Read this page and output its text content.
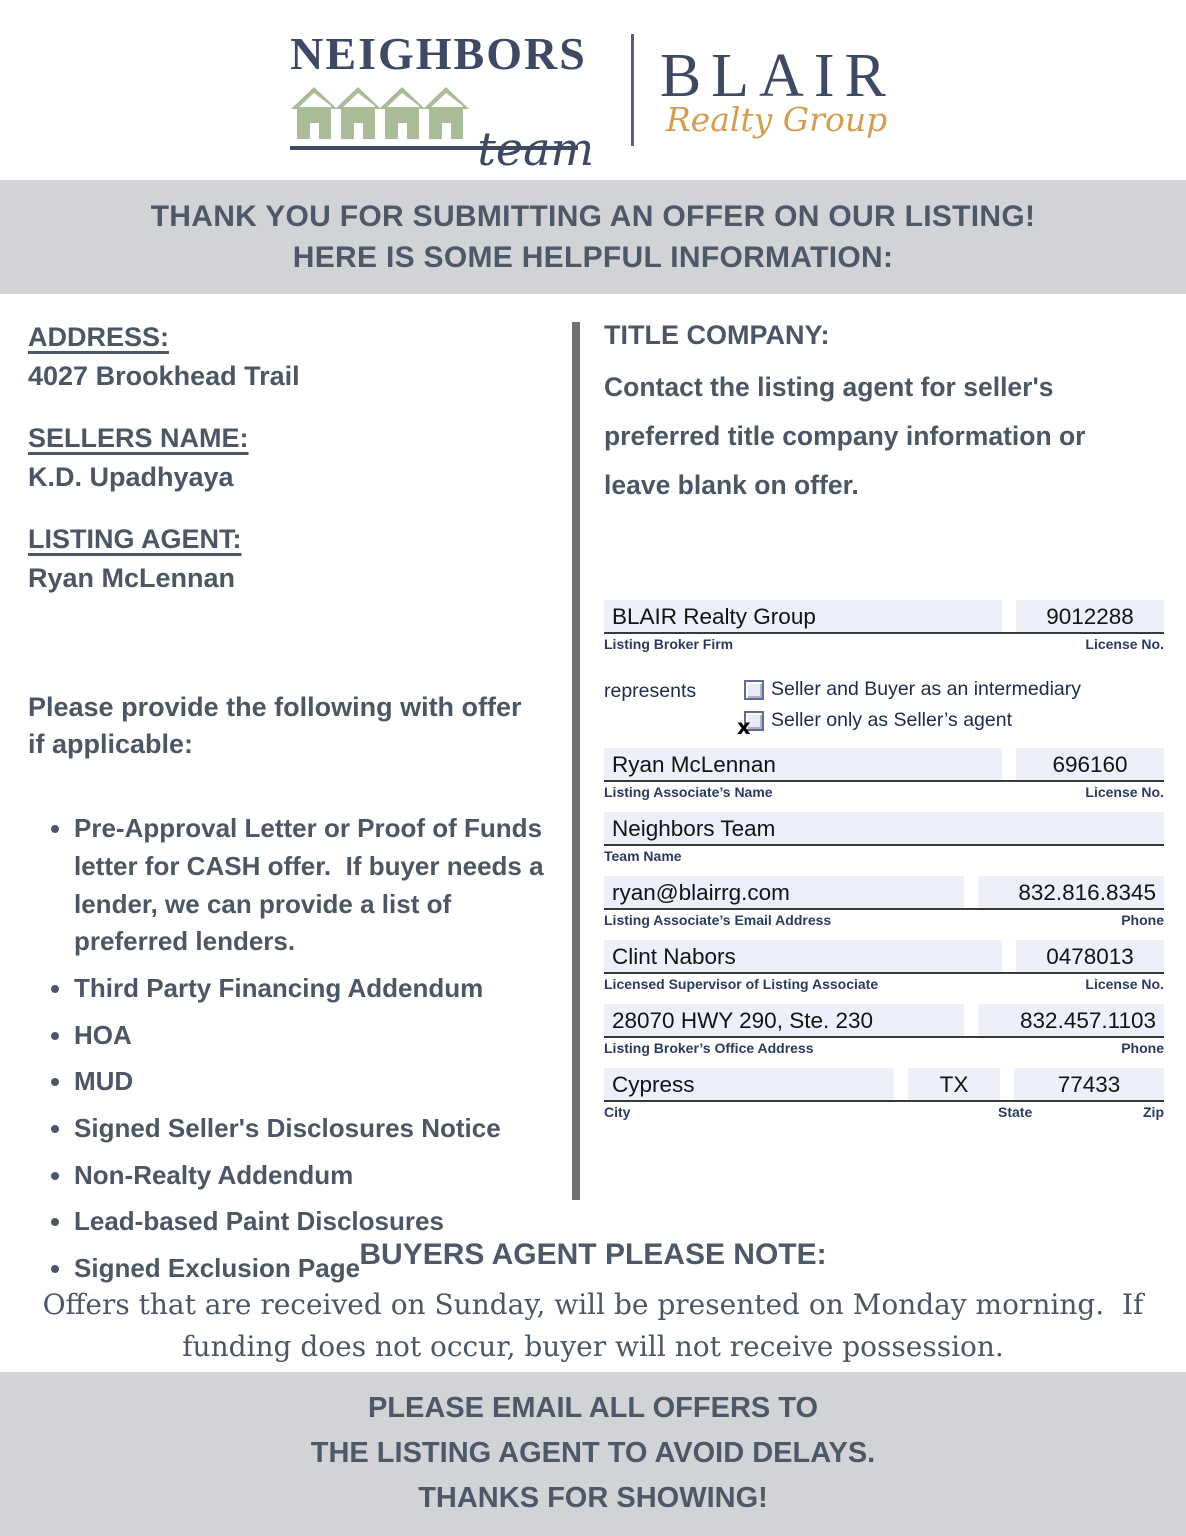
NEIGHBORS
team
BLAIR
Realty Group
THANK YOU FOR SUBMITTING AN OFFER ON OUR LISTING!
HERE IS SOME HELPFUL INFORMATION:
ADDRESS:
4027 Brookhead Trail
SELLERS NAME:
K.D. Upadhyaya
LISTING AGENT:
Ryan McLennan

Please provide the following with offer if applicable:

• Pre-Approval Letter or Proof of Funds letter for CASH offer.  If buyer needs a lender, we can provide a list of preferred lenders.
• Third Party Financing Addendum
• HOA
• MUD
• Signed Seller's Disclosures Notice
• Non-Realty Addendum
• Lead-based Paint Disclosures
• Signed Exclusion Page
TITLE COMPANY:

Contact the listing agent for seller's preferred title company information or leave blank on offer.

BLAIR Realty Group	9012288
Listing Broker Firm	License No.
represents	Seller and Buyer as an intermediary
x Seller only as Seller’s agent
Ryan McLennan	696160
Listing Associate’s Name	License No.
Neighbors Team
Team Name
ryan@blairrg.com	832.816.8345
Listing Associate’s Email Address	Phone
Clint Nabors	0478013
Licensed Supervisor of Listing Associate	License No.
28070 HWY 290, Ste. 230	832.457.1103
Listing Broker’s Office Address	Phone
Cypress	TX	77433
City	State	Zip
BUYERS AGENT PLEASE NOTE:

Offers that are received on Sunday, will be presented on Monday morning.  If funding does not occur, buyer will not receive possession.

PLEASE EMAIL ALL OFFERS TO
THE LISTING AGENT TO AVOID DELAYS.
THANKS FOR SHOWING!
